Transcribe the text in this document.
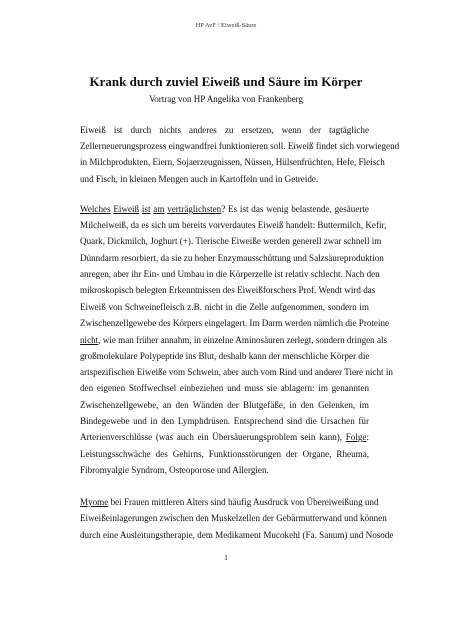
HP AvF / Eiweiß-Säure
Krank durch zuviel Eiweiß und Säure im Körper
Vortrag von HP Angelika von Frankenberg
Eiweiß ist durch nichts anderes zu ersetzen, wenn der tagtägliche
Zellerneuerungsprozess eingwandfrei funktionieren soll. Eiweiß findet sich vorwiegend
in Milchprodukten, Eiern, Sojaerzeugnissen, Nüssen, Hülsenfrüchten, Hefe, Fleisch
und Fisch, in kleinen Mengen auch in Kartoffeln und in Getreide.
Welches Eiweiß ist am verträglichsten? Es ist das wenig belastende, gesäuerte
Milcheiweiß, da es sich um bereits vorverdautes Eiweiß handelt: Buttermilch, Kefir,
Quark, Dickmilch, Joghurt (+). Tierische Eiweiße werden generell zwar schnell im
Dünndarm resorbiert, da sie zu hoher Enzymausschüttung und Salzsäureproduktion
anregen, aber ihr Ein- und Umbau in die Körperzelle ist relativ schlecht. Nach den
mikroskopisch belegten Erkenntnissen des Eiweißforschers Prof. Wendt wird das
Eiweiß von Schweinefleisch z.B. nicht in die Zelle aufgenommen, sondern im
Zwischenzellgewebe des Körpers eingelagert. Im Darm werden nämlich die Proteine
nicht, wie man früher annahm, in einzelne Aminosäuren zerlegt, sondern dringen als
großmolekulare Polypeptide ins Blut, deshalb kann der menschliche Körper die
artspezifischen Eiweiße vom Schwein, aber auch vom Rind und anderer Tiere nicht in
den eigenen Stoffwechsel einbeziehen und muss sie ablagern: im genannten
Zwischenzellgewebe, an den Wänden der Blutgefäße, in den Gelenken, im
Bindegewebe und in den Lymphdrüsen. Entsprechend sind die Ursachen für
Arterienverschlüsse (was auch ein Übersäuerungsproblem sein kann), Folge:
Leistungsschwäche des Gehirns, Funktionsstörungen der Organe, Rheuma,
Fibromyalgie Syndrom, Osteoporose und Allergien.
Myome bei Frauen mittleren Alters sind häufig Ausdruck von Übereiweißung und
Eiweißeinlagerungen zwischen den Muskelzellen der Gebärmutterwand und können
durch eine Ausleitungstherapie, dem Medikament Mucokehl (Fa. Sanum) und Nosode
1
